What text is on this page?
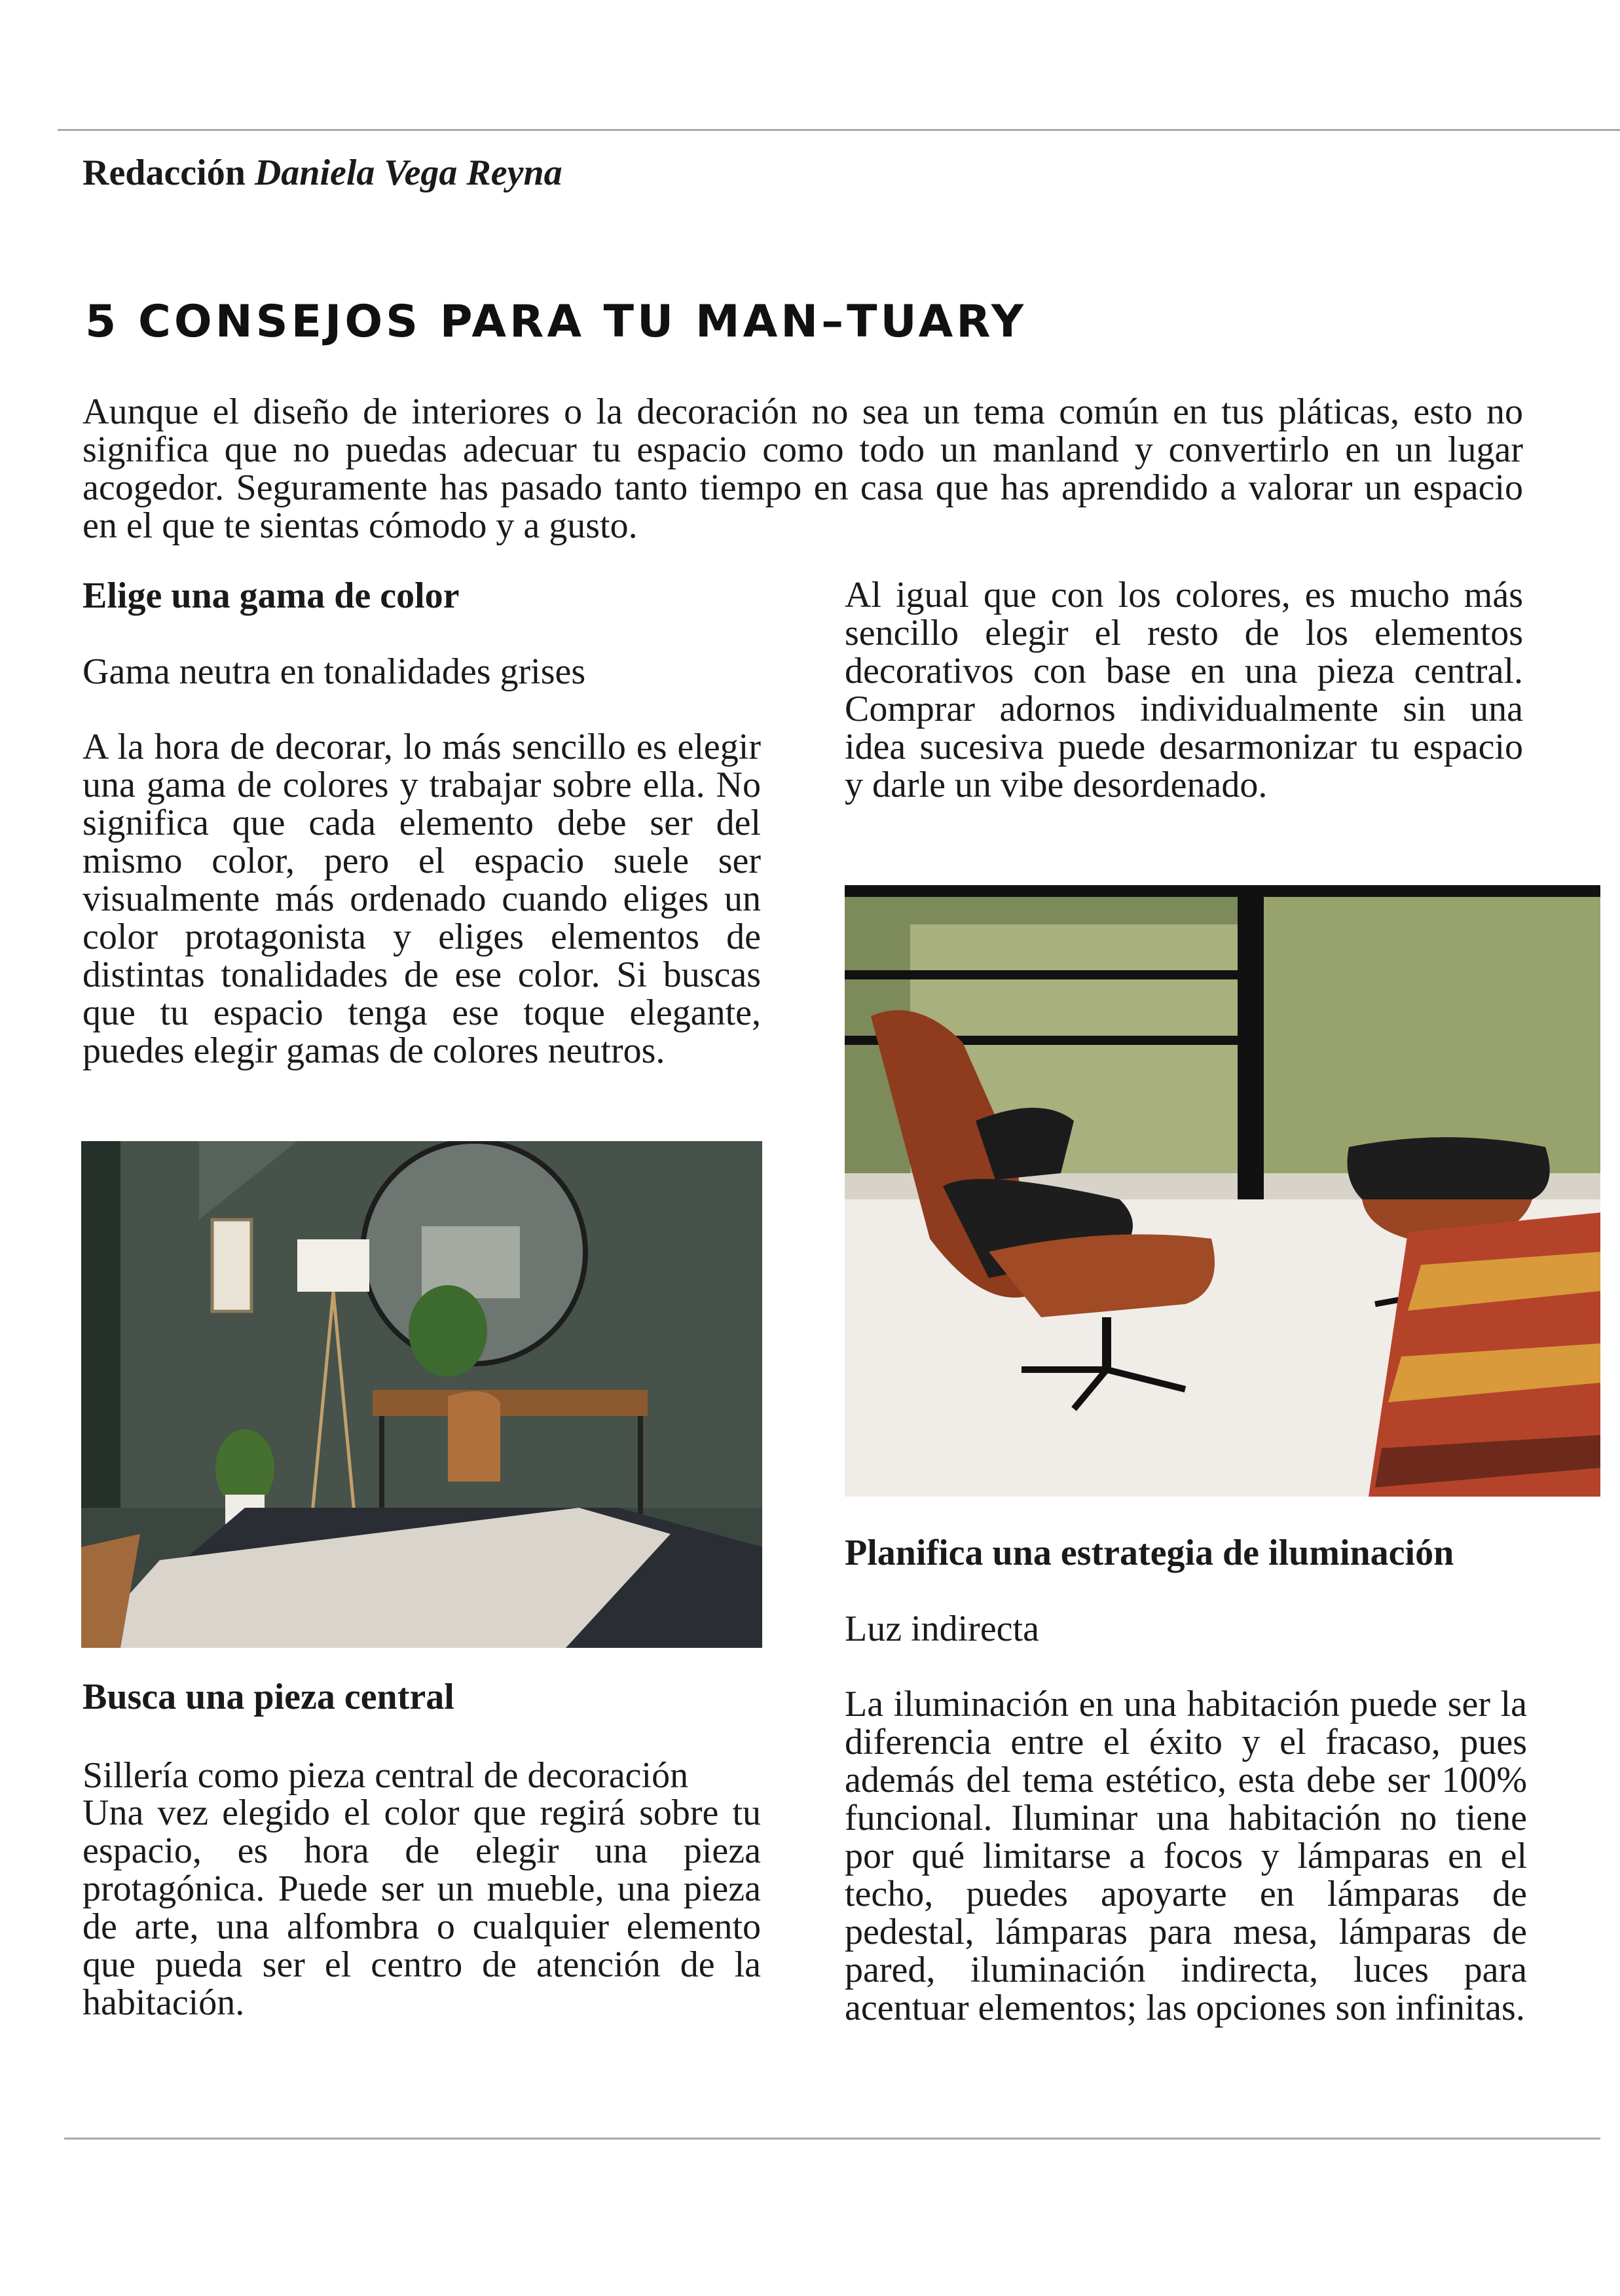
Redacción Daniela Vega Reyna
5 CONSEJOS PARA TU MAN–TUARY
Aunque el diseño de interiores o la decoración no sea un tema común en tus pláticas, esto no significa que no puedas adecuar tu espacio como todo un manland y convertirlo en un lugar acogedor. Seguramente has pasado tanto tiempo en casa que has aprendido a valorar un espacio en el que te sientas cómodo y a gusto.
Elige una gama de color
Gama neutra en tonalidades grises
A la hora de decorar, lo más sencillo es elegir una gama de colores y trabajar sobre ella. No significa que cada elemento debe ser del mismo color, pero el espacio suele ser visualmente más ordenado cuando eliges un color protagonista y eliges elementos de distintas tonalidades de ese color. Si buscas que tu espacio tenga ese toque elegante, puedes elegir gamas de colores neutros.
Busca una pieza central
Sillería como pieza central de decoración
Una vez elegido el color que regirá sobre tu espacio, es hora de elegir una pieza protagónica. Puede ser un mueble, una pieza de arte, una alfombra o cualquier elemento que pueda ser el centro de atención de la habitación.
Al igual que con los colores, es mucho más sencillo elegir el resto de los elementos decorativos con base en una pieza central. Comprar adornos individualmente sin una idea sucesiva puede desarmonizar tu espacio y darle un vibe desordenado.
Planifica una estrategia de iluminación
Luz indirecta
La iluminación en una habitación puede ser la diferencia entre el éxito y el fracaso, pues además del tema estético, esta debe ser 100% funcional. Iluminar una habitación no tiene por qué limitarse a focos y lámparas en el techo, puedes apoyarte en lámparas de pedestal, lámparas para mesa, lámparas de pared, iluminación indirecta, luces para acentuar elementos; las opciones son infinitas.
